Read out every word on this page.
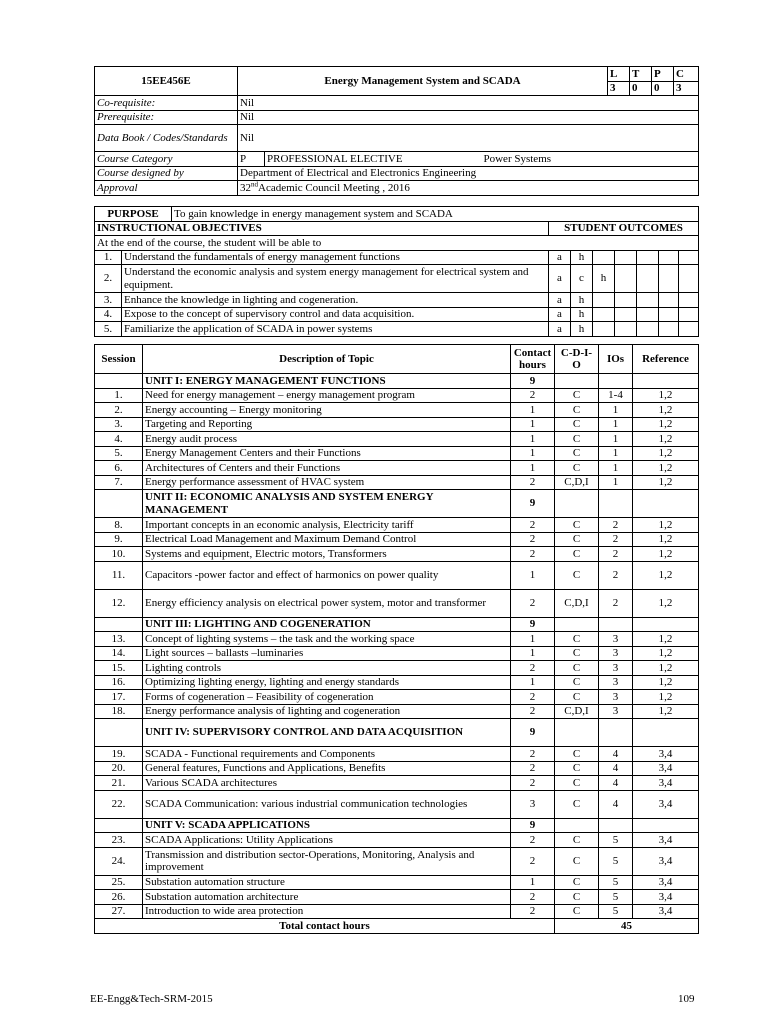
15EE456E	Energy Management System and SCADA			L	T	P	C
				3	0	0	3
Co-requisite:	Nil						
Prerequisite:	Nil						
Data Book / Codes/Standards	Nil						
Course Category	P	PROFESSIONAL ELECTIVE	Power Systems				
Course designed by	Department of Electrical and Electronics Engineering						
Approval	32ndAcademic Council Meeting , 2016						
PURPOSE		To gain knowledge in energy management system and SCADA							
INSTRUCTIONAL OBJECTIVES			STUDENT OUTCOMES						
At the end of the course, the student will be able to									
1.	Understand the fundamentals of energy management functions		a	h					
2.	Understand the economic analysis and system energy management for electrical system and equipment.		a	c	h				
3.	Enhance the knowledge in lighting and cogeneration.		a	h					
4.	Expose to the concept of supervisory control and data acquisition.		a	h					
5.	Familiarize the application of SCADA in power systems		a	h					
Session	Description of Topic	Contact hours	C-D-I-O	IOs	Reference
	UNIT I: ENERGY MANAGEMENT FUNCTIONS	9			
1.	Need for energy management – energy management program	2	C	1-4	1,2
2.	Energy accounting – Energy monitoring	1	C	1	1,2
3.	Targeting and Reporting	1	C	1	1,2
4.	Energy audit process	1	C	1	1,2
5.	Energy Management Centers and their Functions	1	C	1	1,2
6.	Architectures of Centers and their Functions	1	C	1	1,2
7.	Energy performance assessment of HVAC system	2	C,D,I	1	1,2
	UNIT II: ECONOMIC ANALYSIS AND SYSTEM ENERGY MANAGEMENT	9			
8.	Important concepts in an economic analysis, Electricity tariff	2	C	2	1,2
9.	Electrical Load Management and Maximum Demand Control	2	C	2	1,2
10.	Systems and equipment, Electric motors, Transformers	2	C	2	1,2
11.	Capacitors -power factor and effect of harmonics on power quality	1	C	2	1,2
12.	Energy efficiency analysis on electrical power system, motor and transformer	2	C,D,I	2	1,2
	UNIT III: LIGHTING AND COGENERATION	9			
13.	Concept of lighting systems – the task and the working space	1	C	3	1,2
14.	Light sources – ballasts –luminaries	1	C	3	1,2
15.	Lighting controls	2	C	3	1,2
16.	Optimizing lighting energy, lighting and energy standards	1	C	3	1,2
17.	Forms of cogeneration – Feasibility of cogeneration	2	C	3	1,2
18.	Energy performance analysis of lighting and cogeneration	2	C,D,I	3	1,2
	UNIT IV: SUPERVISORY CONTROL AND DATA ACQUISITION	9			
19.	SCADA - Functional requirements and Components	2	C	4	3,4
20.	General features, Functions and Applications, Benefits	2	C	4	3,4
21.	Various SCADA architectures	2	C	4	3,4
22.	SCADA Communication: various industrial communication technologies	3	C	4	3,4
	UNIT V: SCADA APPLICATIONS	9			
23.	SCADA Applications: Utility Applications	2	C	5	3,4
24.	Transmission and distribution sector-Operations, Monitoring, Analysis and improvement	2	C	5	3,4
25.	Substation automation structure	1	C	5	3,4
26.	Substation automation architecture	2	C	5	3,4
27.	Introduction to wide area protection	2	C	5	3,4
Total contact hours			45		
EE-Engg&Tech-SRM-2015	109
